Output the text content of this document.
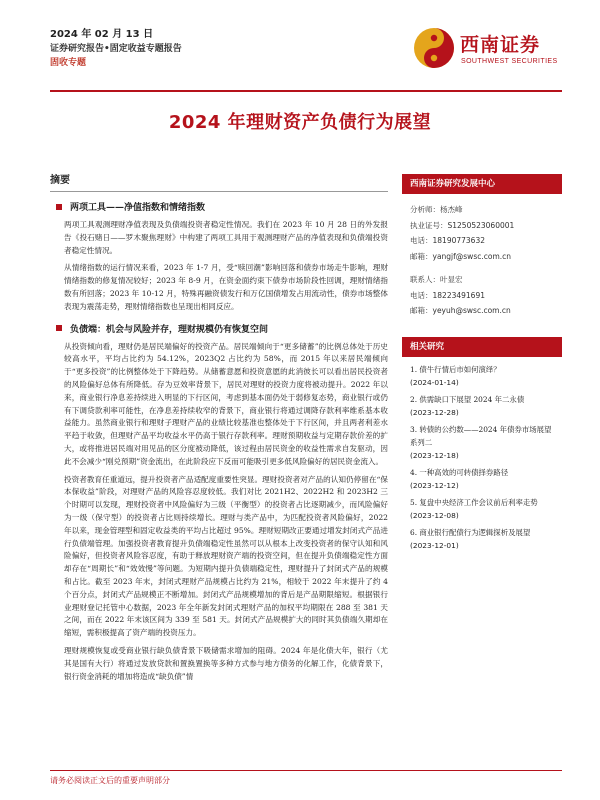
2024 年 02 月 13 日
证券研究报告•固定收益专题报告
固收专题
西南证券
SOUTHWEST SECURITIES
2024 年理财资产负债行为展望
摘要
两项工具——净值指数和情绪指数

两项工具观测理财净值表现及负债端投资者稳定性情况。我们在 2023 年 10 月 28 日的外发报告《投石赌日——罗木聚焦理财》中构建了两项工具用于观测理财产品的净值表现和负债端投资者稳定性情况。

从情绪指数的运行情况来看，2023 年 1-7 月，受“赎回潮”影响回落和债券市场走牛影响，理财情绪指数的修复情况较好；2023 年 8-9 月，在资金面约束下债券市场阶段性回调，理财情绪指数有所回落；2023 年 10-12 月，特殊再融资债发行和万亿国债增发占用流动性，债券市场整体表现为震荡走势，理财情绪指数也呈现出相同反应。

负债端：机会与风险并存，理财规模仍有恢复空间

从投资倾向看，理财仍是居民端偏好的投资产品。居民端倾向于“更多储蓄”的比例总体处于历史较高水平，平均占比约为 54.12%，2023Q2 占比约为 58%，而 2015 年以来居民端倾向于“更多投资”的比例整体处于下降趋势。从储蓄意愿和投资意愿的此消彼长可以看出居民投资者的风险偏好总体有所降低。存为豆效率背景下，居民对理财的投资力度将被动提升。2022 年以来，商业银行净息差持续进入明显的下行区间，考虑到基本面仍处于弱修复态势，商业银行或仍有下调贷款利率可能性，在净息差持续收窄的背景下，商业银行将通过调降存款利率维系基本收益能力。虽然商业银行和理财子理财产品的业绩比较基准也整体处于下行区间，并且两者利差水平趋于收敛，但理财产品平均收益水平仍高于银行存款利率。理财预期收益与定期存款价差的扩大，或将推进居民端对用见品的区分度被动降低，该过程由居民资金的收益性需求自发驱动，因此不会减少“刚兑预期”资金流出，在此阶段应下反而可能吸引更多低风险偏好的居民资金流入。

投资者教育任重道远，提升投资者产品适配度重要性突显。理财投资者对产品的认知仍停留在“保本保收益”阶段，对理财产品的风险容忍度较低。我们对比 2021H2、2022H2 和 2023H2 三个时期可以发现，理财投资者中风险偏好为三级（平衡型）的投资者占比逐期减少，而风险偏好为一级（保守型）的投资者占比则持续增长。理财与类产品中，为匹配投资者风险偏好，2022 年以来，现金管理型和固定收益类的平均占比超过 95%。理财短期改正要通过增发封闭式产品进行负债端管理。加强投资者教育提升负债端稳定性虽然可以从根本上改变投资者的保守认知和风险偏好，但投资者风险容忍度，有助于释放理财资产端的投资空间，但在提升负债端稳定性方面却存在“周期长”和“效效慢”等问题。为短期内提升负债端稳定性，理财提升了封闭式产品的规模和占比。截至 2023 年末，封闭式理财产品规模占比约为 21%，相较于 2022 年末提升了约 4 个百分点，封闭式产品规模正不断增加。封闭式产品规模增加的背后是产品期限缩短。根据银行业理财登记托管中心数据，2023 年全年新发封闭式理财产品的加权平均期限在 288 至 381 天之间，而在 2022 年末该区间为 339 至 581 天。封闭式产品规模扩大的同时其负债端久期却在缩短，需积极提高了资产端的投资压力。

理财规模恢复或受商业银行缺负债背景下吸储需求增加的阻碍。2024 年是化债大年，银行（尤其是国有大行）将通过发放贷款和置换置换等多种方式参与地方债务的化解工作，化债背景下，银行资金消耗的增加将造成“缺负债”情

西南证券研究发展中心
分析师：杨杰峰
执业证号：S1250523060001
电话：18190773632
邮箱：yangjf@swsc.com.cn
联系人：叶显宏
电话：18223491691
邮箱：yeyuh@swsc.com.cn
相关研究
1. 债牛行情后市如何演绎？
(2024-01-14)
2. 供需缺口下展望 2024 年二永债
(2023-12-28)
3. 转债的公约数——2024 年债券市场展望系列二
(2023-12-18)
4. 一种高效的可转债择券路径
(2023-12-12)
5. 复盘中央经济工作会议前后利率走势
(2023-12-08)
6. 商业银行配债行为逻辑探析及展望
(2023-12-01)
请务必阅读正文后的重要声明部分
